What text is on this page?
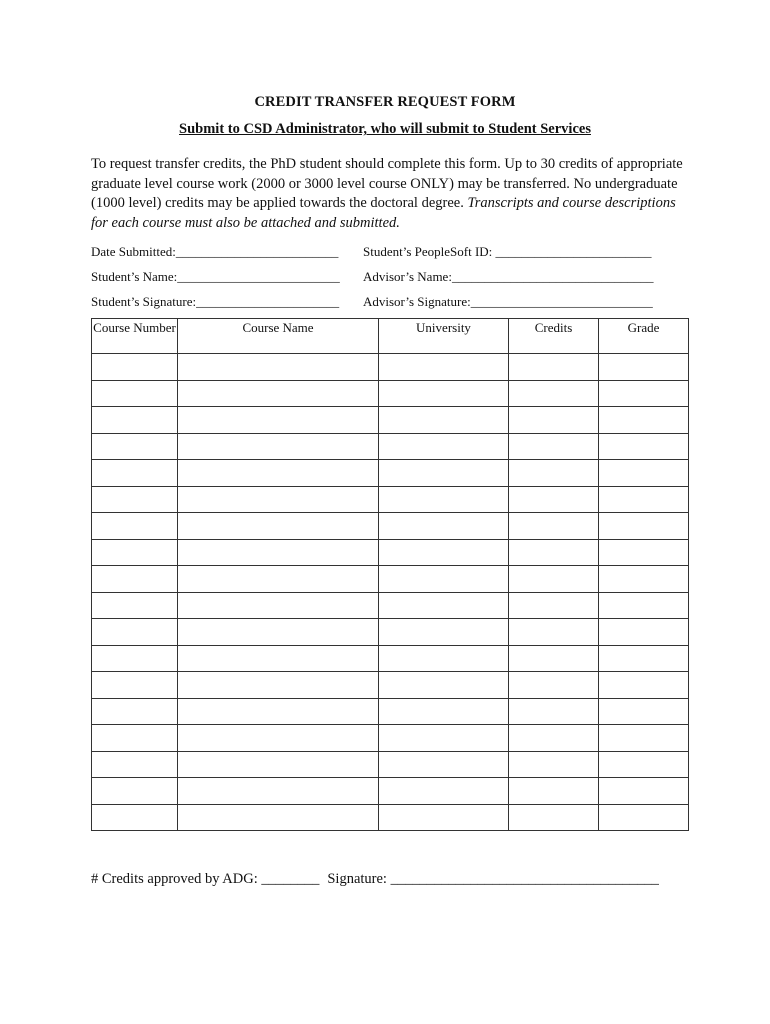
CREDIT TRANSFER REQUEST FORM
Submit to CSD Administrator, who will submit to Student Services
To request transfer credits, the PhD student should complete this form. Up to 30 credits of appropriate graduate level course work (2000 or 3000 level course ONLY) may be transferred. No undergraduate (1000 level) credits may be applied towards the doctoral degree. Transcripts and course descriptions for each course must also be attached and submitted.
Date Submitted:_________________________ Student’s PeopleSoft ID: ________________________
Student’s Name:_________________________ Advisor’s Name:_______________________________
Student’s Signature:______________________ Advisor’s Signature:____________________________
Course Number	Course Name	University	Credits	Grade

# Credits approved by ADG: ________ Signature: _____________________________________
